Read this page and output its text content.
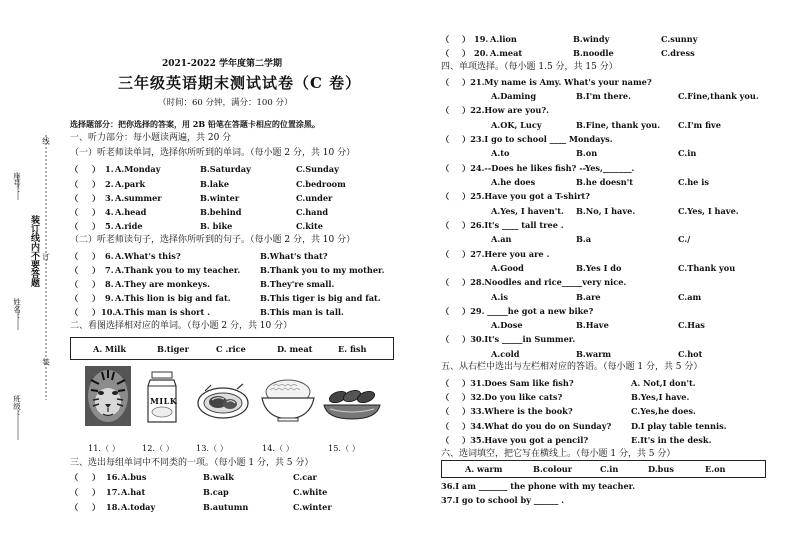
座号：
装订线内不要答题
姓名：
班级：
线
订
装
2021-2022 学年度第二学期
三年级英语期末测试试卷（C 卷）
（时间：60 分钟，满分：100 分）
选择题部分：把你选择的答案，用 2B 铅笔在答题卡相应的位置涂黑。
一、听力部分：每小题读两遍，共 20 分
（一）听老师读单词，选择你所听到的单词。（每小题 2 分，共 10 分）
（ ） 1. A.Monday	B.Saturday	C.Sunday
（ ） 2. A.park	B.lake	C.bedroom
（ ） 3. A.summer	B.winter	C.under
（ ） 4. A.head	B.behind	C.hand
（ ） 5. A.ride	B. bike	C.kite
（二）听老师读句子，选择你所听到的句子。（每小题 2 分，共 10 分）
（ ） 6. A.What's this?	B.What's that?
（ ） 7. A.Thank you to my teacher. B.Thank you to my mother.
（ ） 8. A.They are monkeys.	B.They're small.
（ ） 9. A.This lion is big and fat.	B.This tiger is big and fat.
（ ） 10. A.This man is short .	B.This man is tall.
二、看图选择相对应的单词。（每小题 2 分，共 10 分）
A. Milk	B.tiger	C .rice	D. meat	E. fish
MILK
11.（ ）	12.（ ）	13.（ ）	14.（ ）	15.（ ）
三、选出每组单词中不同类的一项。（每小题 1 分，共 5 分）
（ ） 16. A.bus	B.walk	C.car
（ ） 17. A.hat	B.cap	C.white
（ ） 18. A.today	B.autumn	C.winter
（ ） 19. A.lion	B.windy	C.sunny
（ ） 20. A.meat	B.noodle	C.dress
四、单项选择。（每小题 1.5 分，共 15 分）
（ ）21.My name is Amy. What's your name?
A.Daming	B.I'm there.	C.Fine,thank you.
（ ）22.How are you?.
A.OK, Lucy	B.Fine, thank you. C.I'm five
（ ）23.I go to school ____ Mondays.
A.to	B.on	C.in
（ ）24.--Does he likes fish? --Yes,_______.
A.he does	B.he doesn't	C.he is
（ ）25.Have you got a T-shirt?
A.Yes, I haven't. B.No, I have.	C.Yes, I have.
（ ）26.It's ____ tall tree .
A.an	B.a	C./
（ ）27.Here you are .
A.Good	B.Yes I do	C.Thank you
（ ）28.Noodles and rice_____very nice.
A.is	B.are	C.am
（ ）29. _____he got a new bike?
A.Dose	B.Have	C.Has
（ ）30.It's _____in Summer.
A.cold	B.warm	C.hot
五、从右栏中选出与左栏相对应的答语。（每小题 1 分，共 5 分）
（ ）31.Does Sam like fish?	A. Not,I don't.
（ ）32.Do you like cats?	B.Yes,I have.
（ ）33.Where is the book?	C.Yes,he does.
（ ）34.What do you do on Sunday? D.I play table tennis.
（ ）35.Have you got a pencil?	E.It's in the desk.
六、选词填空，把它写在横线上。（每小题 1 分，共 5 分）
A. warm	B.colour	C.in	D.bus	E.on
36.I am _______ the phone with my teacher.
37.I go to school by ______ .
